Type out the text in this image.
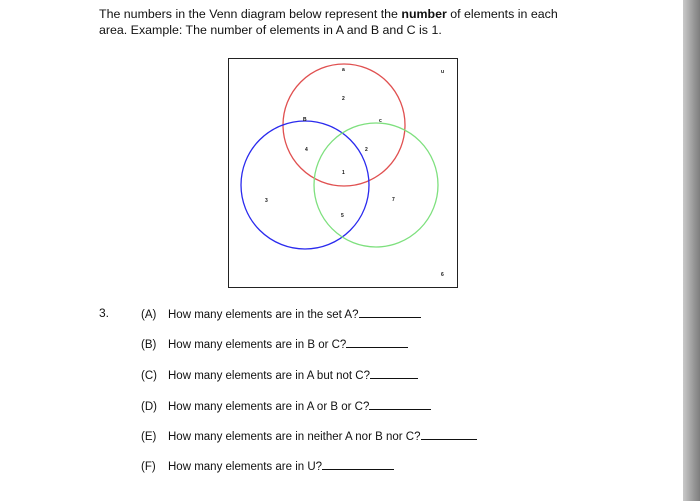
The numbers in the Venn diagram below represent the number of elements in each area. Example: The number of elements in A and B and C is 1.
a
B	c
u
2
4	2
1
3
5
7
6
3.	(A) How many elements are in the set A?
(B) How many elements are in B or C?
(C) How many elements are in A but not C?
(D) How many elements are in A or B or C?
(E) How many elements are in neither A nor B nor C?
(F) How many elements are in U?
